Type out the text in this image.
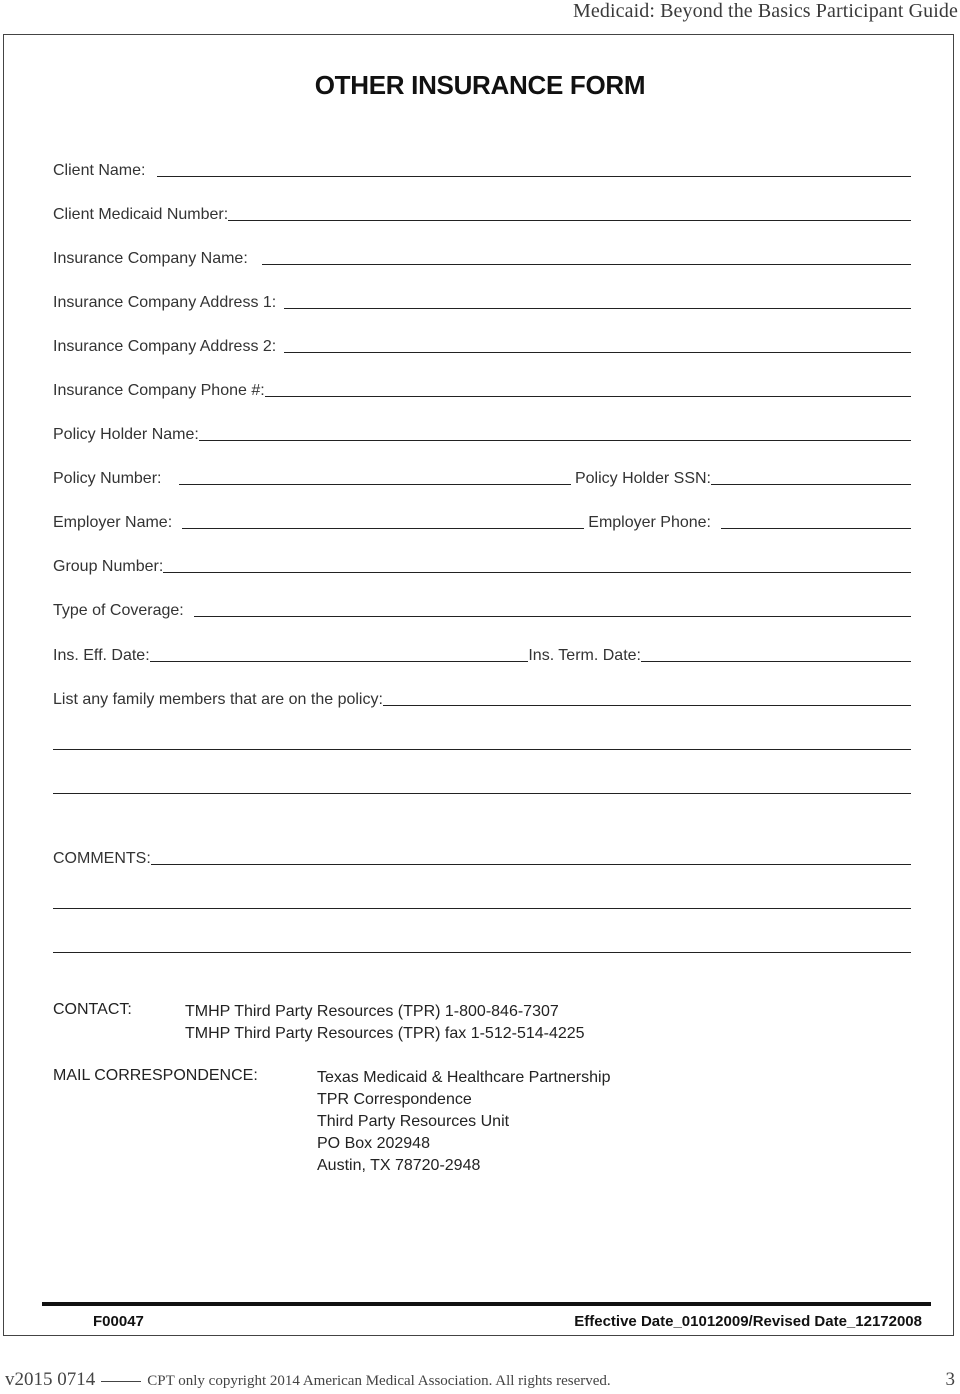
Medicaid: Beyond the Basics Participant Guide
OTHER INSURANCE FORM
Client Name:
Client Medicaid Number:
Insurance Company Name:
Insurance Company Address 1:
Insurance Company Address 2:
Insurance Company Phone #:
Policy Holder Name:
Policy Number:	Policy Holder SSN:
Employer Name:	Employer Phone:
Group Number:
Type of Coverage:
Ins. Eff. Date:	Ins. Term. Date:
List any family members that are on the policy:
COMMENTS:
CONTACT:	TMHP Third Party Resources (TPR) 1-800-846-7307
TMHP Third Party Resources (TPR) fax 1-512-514-4225
MAIL CORRESPONDENCE:	Texas Medicaid & Healthcare Partnership
TPR Correspondence
Third Party Resources Unit
PO Box 202948
Austin, TX 78720-2948
F00047	Effective Date_01012009/Revised Date_12172008
v2015 0714	CPT only copyright 2014 American Medical Association. All rights reserved.	3
